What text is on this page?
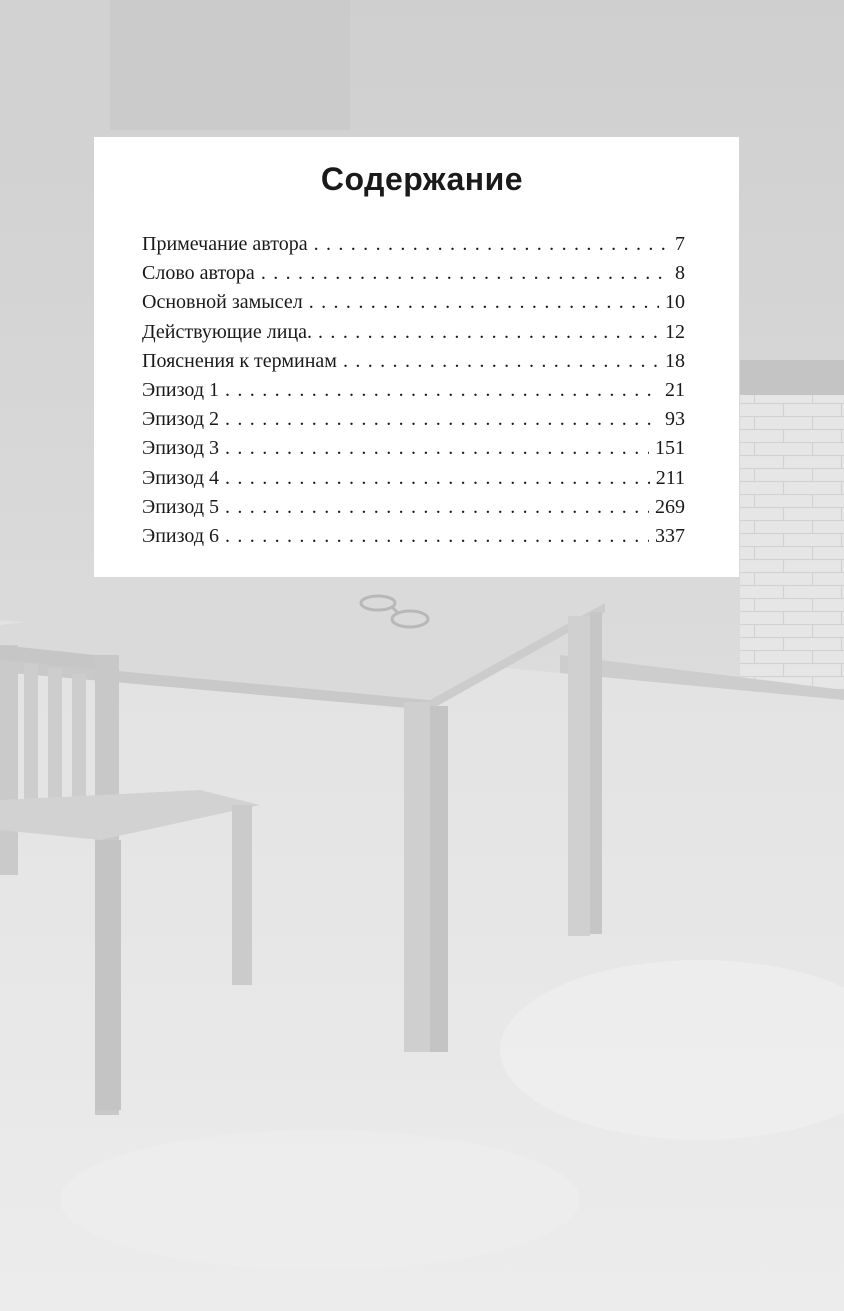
Примечание автора . . .	7
Слово автора . . .	8
Основной замысел . . .	10
Действующие лица. . . .	12
Пояснения к терминам . . .	18
Эпизод 1 . . .	21
Эпизод 2 . . .	93
Эпизод 3 . . .	151
Эпизод 4 . . .	211
Эпизод 5 . . .	269
Эпизод 6 . . .	337
Содержание
